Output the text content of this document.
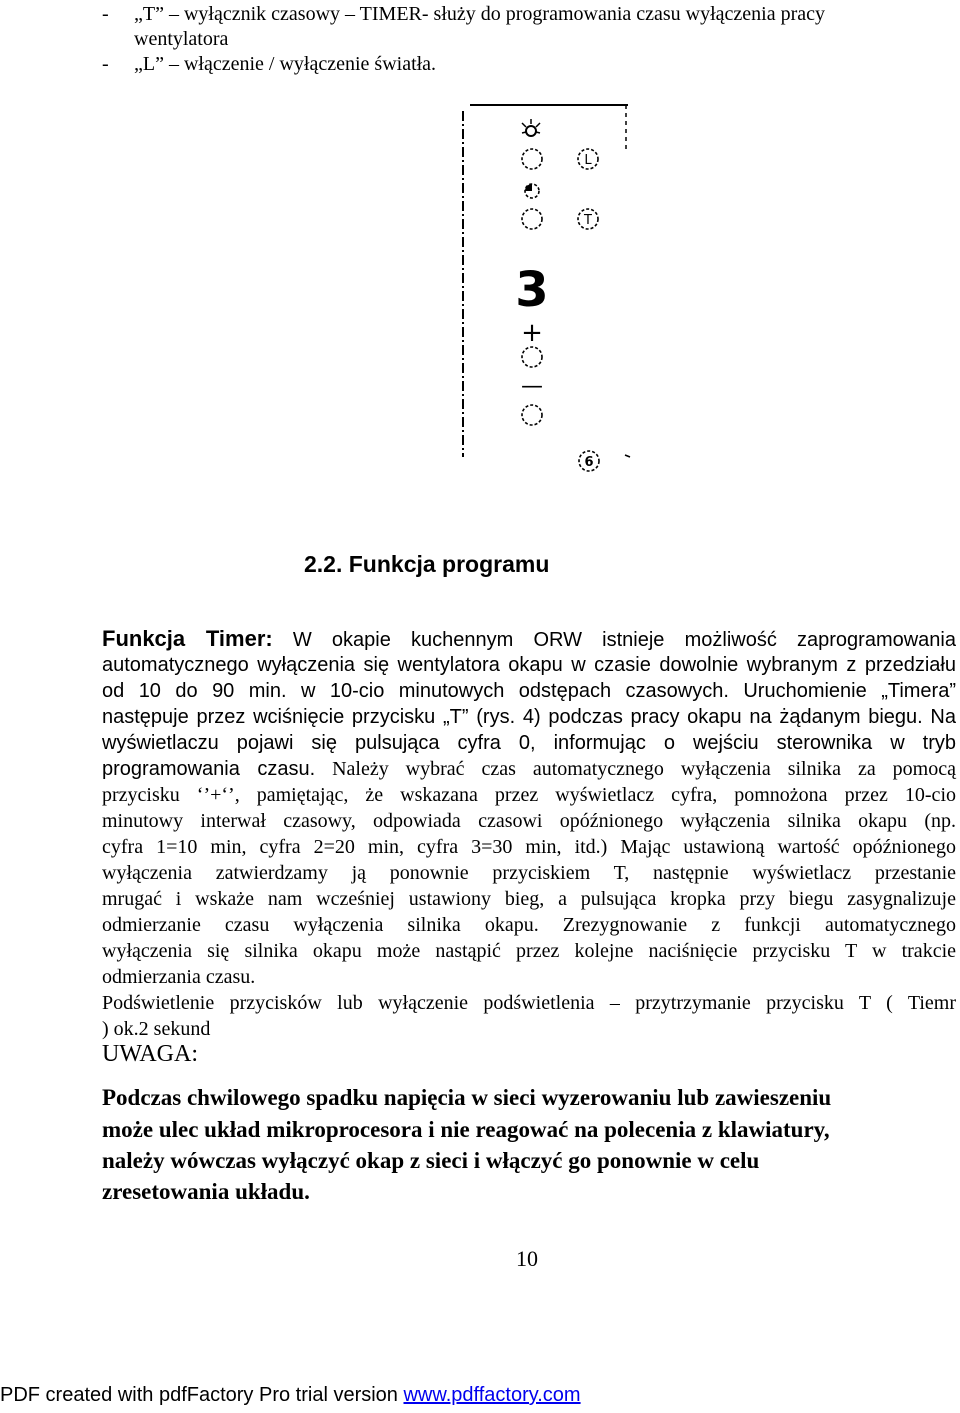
- „T” – wyłącznik czasowy – TIMER- służy do programowania czasu wyłączenia pracy
wentylatora
- „L” – włączenie / wyłączenie światła.
L
T
3
+
—
6
2.2. Funkcja programu
Funkcja Timer: W okapie kuchennym ORW istnieje możliwość zaprogramowania
automatycznego wyłączenia się wentylatora okapu w czasie dowolnie wybranym z przedziału
od 10 do 90 min. w 10-cio minutowych odstępach czasowych. Uruchomienie „Timera”
następuje przez wciśnięcie przycisku „T” (rys. 4) podczas pracy okapu na żądanym biegu. Na
wyświetlaczu pojawi się pulsująca cyfra 0, informując o wejściu sterownika w tryb
programowania czasu. Należy wybrać czas automatycznego wyłączenia silnika za pomocą
przycisku ‘’+‘’, pamiętając, że wskazana przez wyświetlacz cyfra, pomnożona przez 10-cio
minutowy interwał czasowy, odpowiada czasowi opóźnionego wyłączenia silnika okapu (np.
cyfra 1=10 min, cyfra 2=20 min, cyfra 3=30 min, itd.) Mając ustawioną wartość opóźnionego
wyłączenia zatwierdzamy ją ponownie przyciskiem T, następnie wyświetlacz przestanie
mrugać i wskaże nam wcześniej ustawiony bieg, a pulsująca kropka przy biegu zasygnalizuje
odmierzanie czasu wyłączenia silnika okapu. Zrezygnowanie z funkcji automatycznego
wyłączenia się silnika okapu może nastąpić przez kolejne naciśnięcie przycisku T w trakcie
odmierzania czasu.
Podświetlenie przycisków lub wyłączenie podświetlenia – przytrzymanie przycisku T ( Tiemr
) ok.2 sekund
UWAGA:
Podczas chwilowego spadku napięcia w sieci wyzerowaniu lub zawieszeniu
może ulec układ mikroprocesora i nie reagować na polecenia z klawiatury,
należy wówczas wyłączyć okap z sieci i włączyć go ponownie w celu
zresetowania układu.
10
PDF created with pdfFactory Pro trial version www.pdffactory.com
